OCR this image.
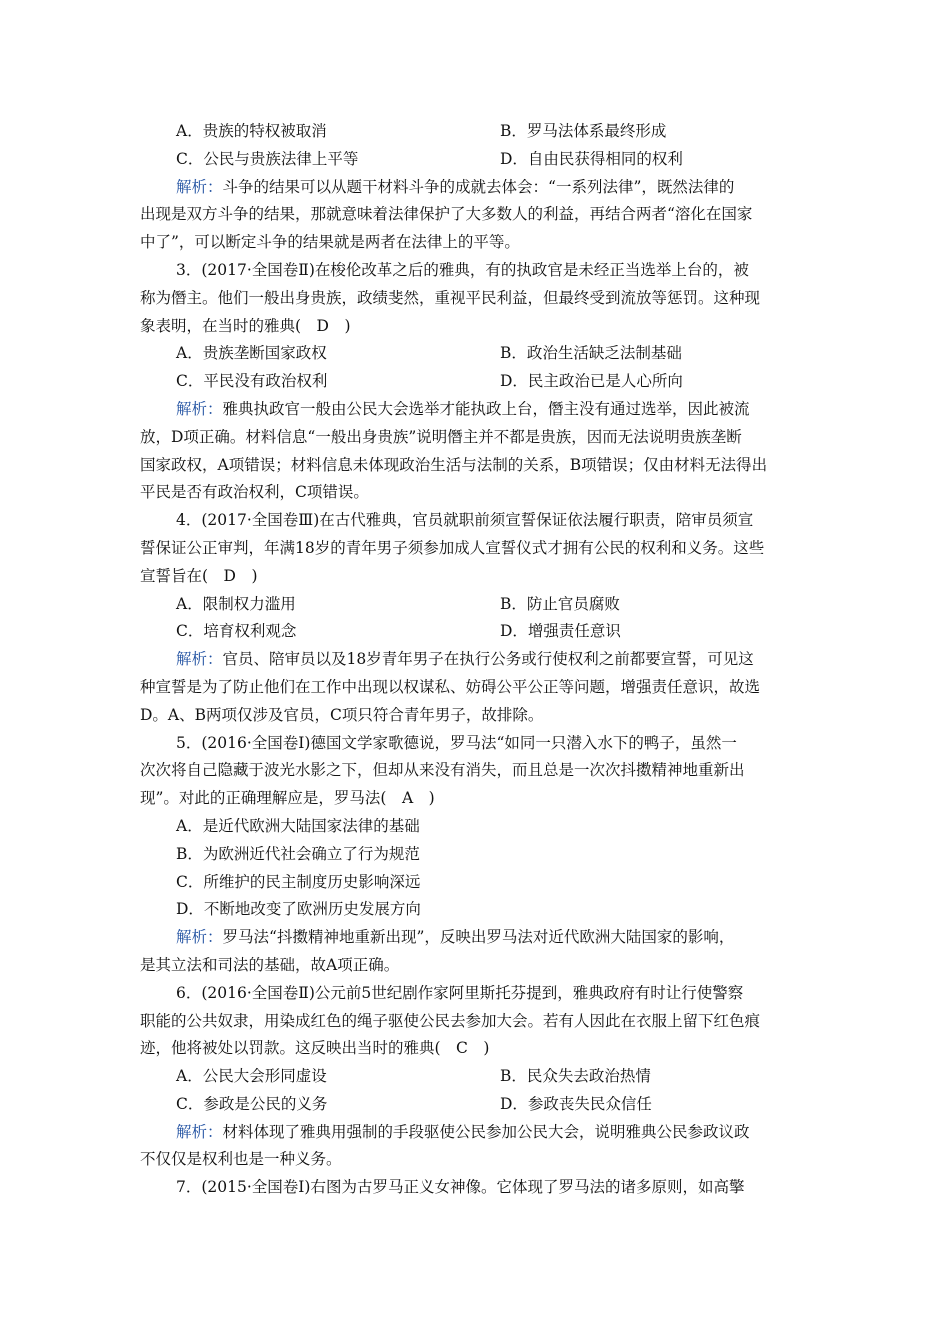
A．贵族的特权被取消	B．罗马法体系最终形成
C．公民与贵族法律上平等	D．自由民获得相同的权利
解析：斗争的结果可以从题干材料斗争的成就去体会：“一系列法律”，既然法律的
出现是双方斗争的结果，那就意味着法律保护了大多数人的利益，再结合两者“溶化在国家
中了”，可以断定斗争的结果就是两者在法律上的平等。
3．(2017·全国卷Ⅱ)在梭伦改革之后的雅典，有的执政官是未经正当选举上台的，被
称为僭主。他们一般出身贵族，政绩斐然，重视平民利益，但最终受到流放等惩罚。这种现
象表明，在当时的雅典(　D　)
A．贵族垄断国家政权	B．政治生活缺乏法制基础
C．平民没有政治权利	D．民主政治已是人心所向
解析：雅典执政官一般由公民大会选举才能执政上台，僭主没有通过选举，因此被流
放，D项正确。材料信息“一般出身贵族”说明僭主并不都是贵族，因而无法说明贵族垄断
国家政权，A项错误；材料信息未体现政治生活与法制的关系，B项错误；仅由材料无法得出
平民是否有政治权利，C项错误。
4．(2017·全国卷Ⅲ)在古代雅典，官员就职前须宣誓保证依法履行职责，陪审员须宣
誓保证公正审判，年满18岁的青年男子须参加成人宣誓仪式才拥有公民的权利和义务。这些
宣誓旨在(　D　)
A．限制权力滥用	B．防止官员腐败
C．培育权利观念	D．增强责任意识
解析：官员、陪审员以及18岁青年男子在执行公务或行使权利之前都要宣誓，可见这
种宣誓是为了防止他们在工作中出现以权谋私、妨碍公平公正等问题，增强责任意识，故选
D。A、B两项仅涉及官员，C项只符合青年男子，故排除。
5．(2016·全国卷Ⅰ)德国文学家歌德说，罗马法“如同一只潜入水下的鸭子，虽然一
次次将自己隐藏于波光水影之下，但却从来没有消失，而且总是一次次抖擞精神地重新出
现”。对此的正确理解应是，罗马法(　A　)
A．是近代欧洲大陆国家法律的基础
B．为欧洲近代社会确立了行为规范
C．所维护的民主制度历史影响深远
D．不断地改变了欧洲历史发展方向
解析：罗马法“抖擞精神地重新出现”，反映出罗马法对近代欧洲大陆国家的影响，
是其立法和司法的基础，故A项正确。
6．(2016·全国卷Ⅱ)公元前5世纪剧作家阿里斯托芬提到，雅典政府有时让行使警察
职能的公共奴隶，用染成红色的绳子驱使公民去参加大会。若有人因此在衣服上留下红色痕
迹，他将被处以罚款。这反映出当时的雅典(　C　)
A．公民大会形同虚设	B．民众失去政治热情
C．参政是公民的义务	D．参政丧失民众信任
解析：材料体现了雅典用强制的手段驱使公民参加公民大会，说明雅典公民参政议政
不仅仅是权利也是一种义务。
7．(2015·全国卷Ⅰ)右图为古罗马正义女神像。它体现了罗马法的诸多原则，如高擎
